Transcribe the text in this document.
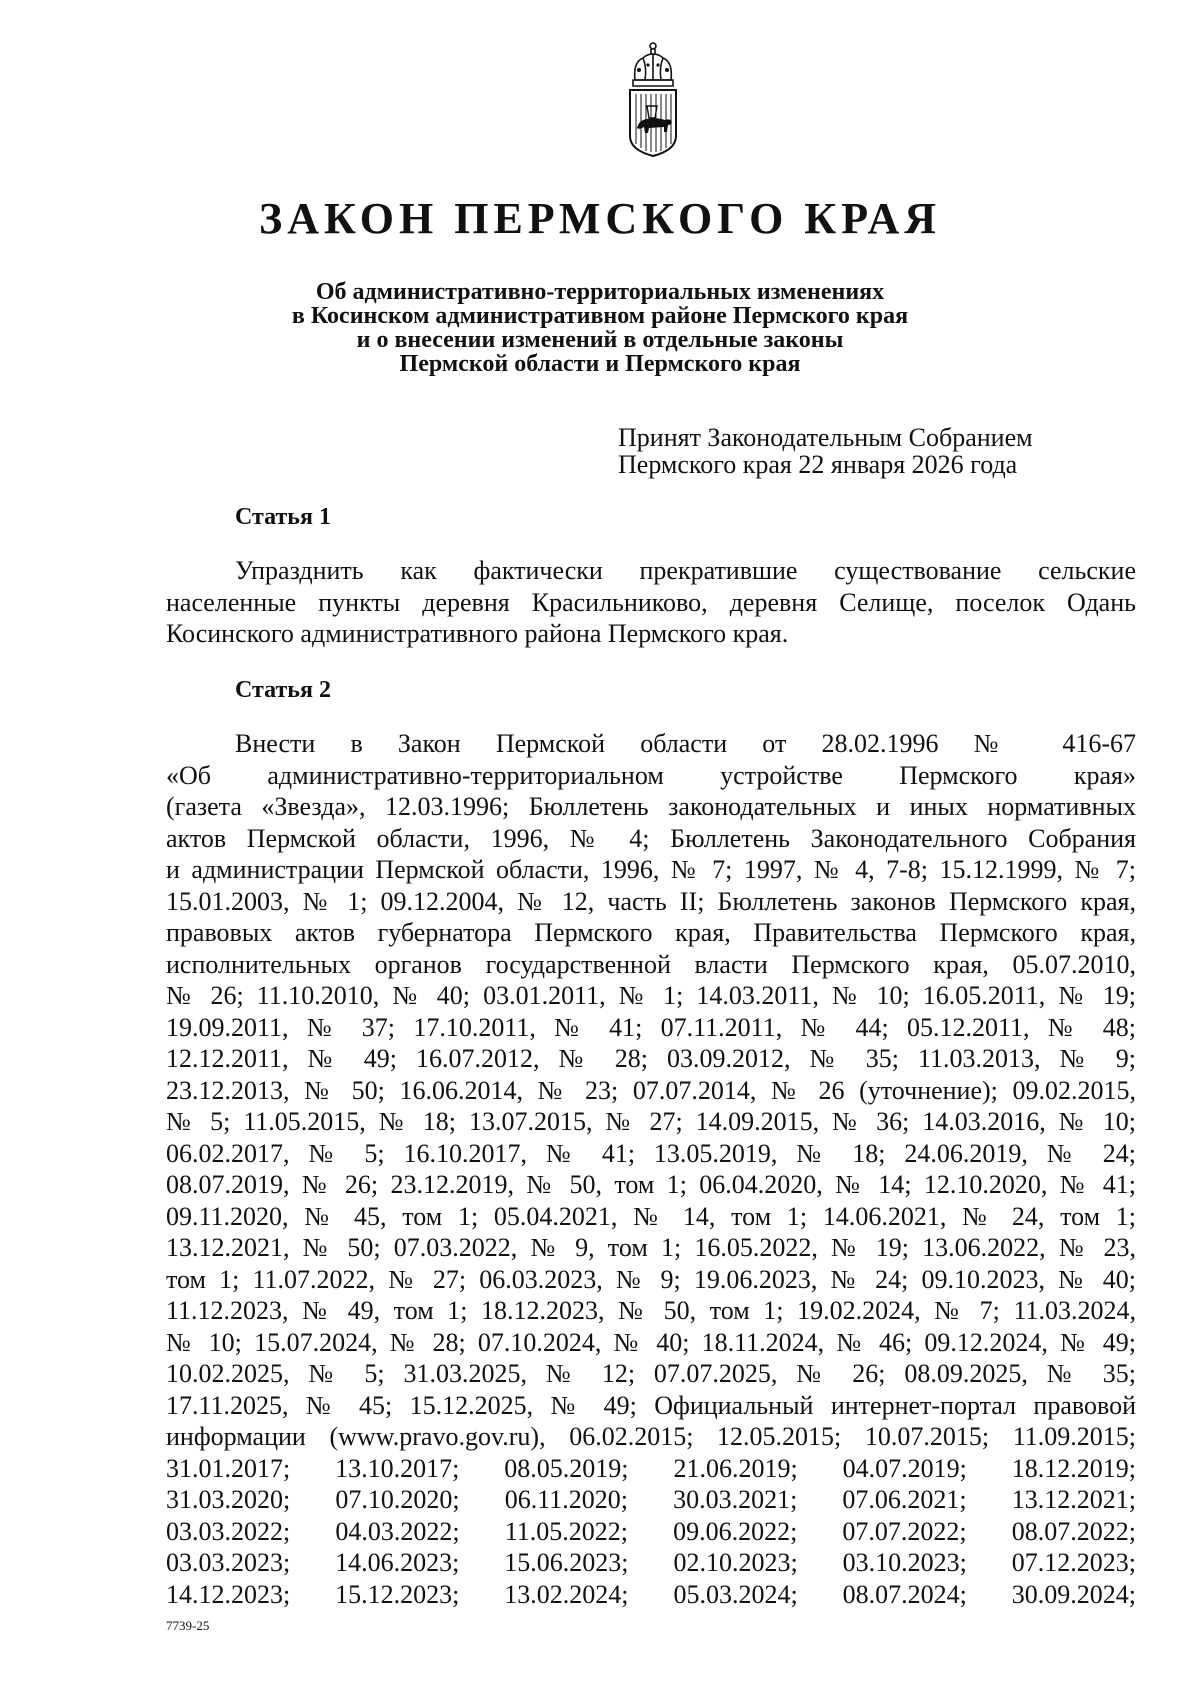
ЗАКОН ПЕРМСКОГО КРАЯ
Об административно-территориальных изменениях
в Косинском административном районе Пермского края
и о внесении изменений в отдельные законы
Пермской области и Пермского края
Принят Законодательным Собранием
Пермского края 22 января 2026 года
Статья 1
Упразднить как фактически прекратившие существование сельские
населенные пункты деревня Красильниково, деревня Селище, поселок Одань
Косинского административного района Пермского края.
Статья 2
Внести в Закон Пермской области от 28.02.1996 № 416-67
«Об административно-территориальном устройстве Пермского края»
(газета «Звезда», 12.03.1996; Бюллетень законодательных и иных нормативных
актов Пермской области, 1996, № 4; Бюллетень Законодательного Собрания
и администрации Пермской области, 1996, № 7; 1997, № 4, 7-8; 15.12.1999, № 7;
15.01.2003, № 1; 09.12.2004, № 12, часть II; Бюллетень законов Пермского края,
правовых актов губернатора Пермского края, Правительства Пермского края,
исполнительных органов государственной власти Пермского края, 05.07.2010,
№ 26; 11.10.2010, № 40; 03.01.2011, № 1; 14.03.2011, № 10; 16.05.2011, № 19;
19.09.2011, № 37; 17.10.2011, № 41; 07.11.2011, № 44; 05.12.2011, № 48;
12.12.2011, № 49; 16.07.2012, № 28; 03.09.2012, № 35; 11.03.2013, № 9;
23.12.2013, № 50; 16.06.2014, № 23; 07.07.2014, № 26 (уточнение); 09.02.2015,
№ 5; 11.05.2015, № 18; 13.07.2015, № 27; 14.09.2015, № 36; 14.03.2016, № 10;
06.02.2017, № 5; 16.10.2017, № 41; 13.05.2019, № 18; 24.06.2019, № 24;
08.07.2019, № 26; 23.12.2019, № 50, том 1; 06.04.2020, № 14; 12.10.2020, № 41;
09.11.2020, № 45, том 1; 05.04.2021, № 14, том 1; 14.06.2021, № 24, том 1;
13.12.2021, № 50; 07.03.2022, № 9, том 1; 16.05.2022, № 19; 13.06.2022, № 23,
том 1; 11.07.2022, № 27; 06.03.2023, № 9; 19.06.2023, № 24; 09.10.2023, № 40;
11.12.2023, № 49, том 1; 18.12.2023, № 50, том 1; 19.02.2024, № 7; 11.03.2024,
№ 10; 15.07.2024, № 28; 07.10.2024, № 40; 18.11.2024, № 46; 09.12.2024, № 49;
10.02.2025, № 5; 31.03.2025, № 12; 07.07.2025, № 26; 08.09.2025, № 35;
17.11.2025, № 45; 15.12.2025, № 49; Официальный интернет-портал правовой
информации (www.pravo.gov.ru), 06.02.2015; 12.05.2015; 10.07.2015; 11.09.2015;
31.01.2017; 13.10.2017; 08.05.2019; 21.06.2019; 04.07.2019; 18.12.2019;
31.03.2020; 07.10.2020; 06.11.2020; 30.03.2021; 07.06.2021; 13.12.2021;
03.03.2022; 04.03.2022; 11.05.2022; 09.06.2022; 07.07.2022; 08.07.2022;
03.03.2023; 14.06.2023; 15.06.2023; 02.10.2023; 03.10.2023; 07.12.2023;
14.12.2023; 15.12.2023; 13.02.2024; 05.03.2024; 08.07.2024; 30.09.2024;
7739-25
